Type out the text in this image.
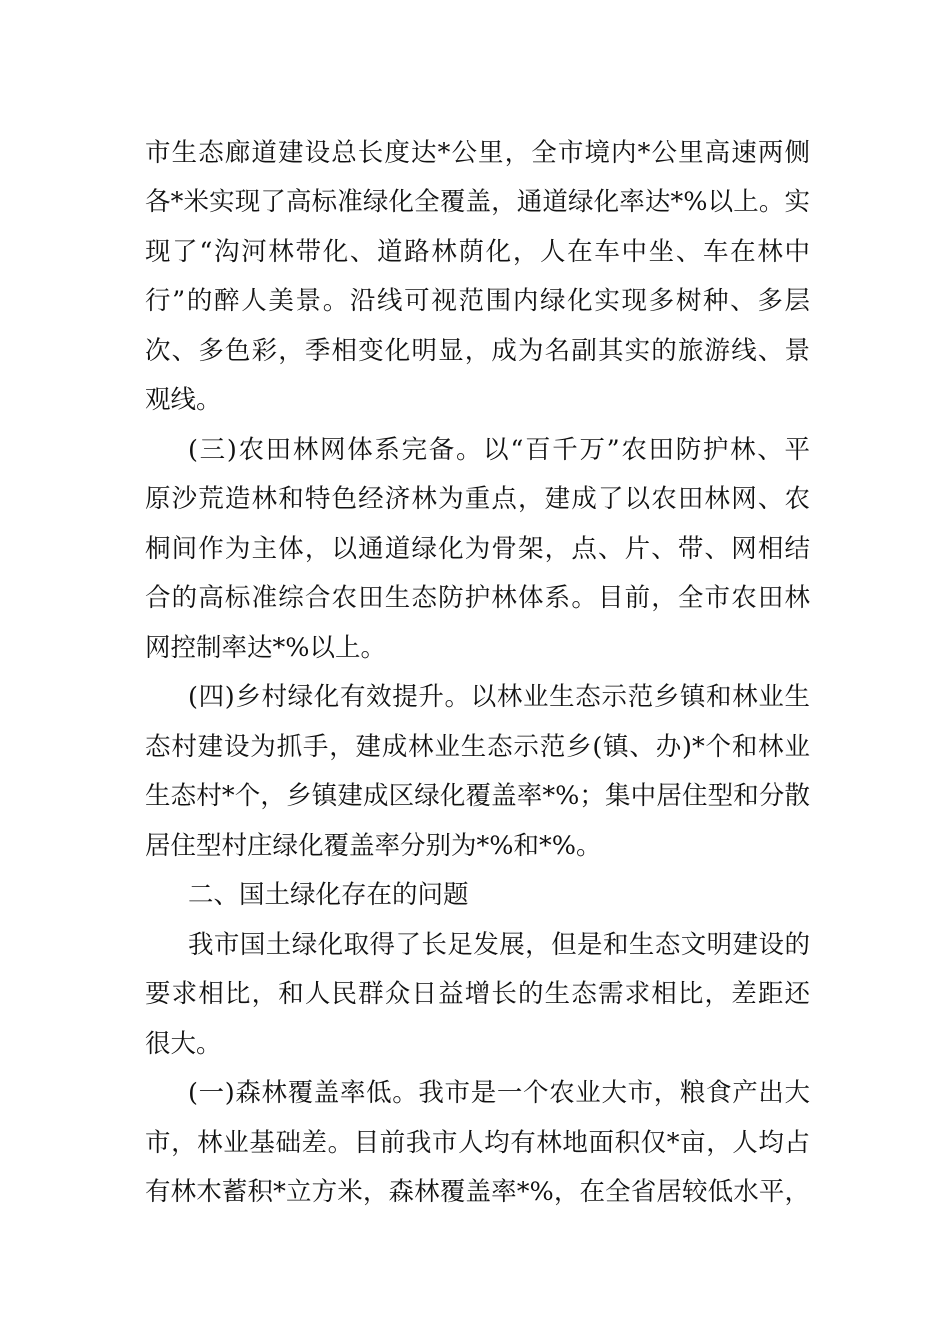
市生态廊道建设总长度达*公里，全市境内*公里高速两侧
各*米实现了高标准绿化全覆盖，通道绿化率达*%以上。实
现了“沟河林带化、道路林荫化，人在车中坐、车在林中
行”的醉人美景。沿线可视范围内绿化实现多树种、多层
次、多色彩，季相变化明显，成为名副其实的旅游线、景
观线。
(三)农田林网体系完备。以“百千万”农田防护林、平
原沙荒造林和特色经济林为重点，建成了以农田林网、农
桐间作为主体，以通道绿化为骨架，点、片、带、网相结
合的高标准综合农田生态防护林体系。目前，全市农田林
网控制率达*%以上。
(四)乡村绿化有效提升。以林业生态示范乡镇和林业生
态村建设为抓手，建成林业生态示范乡(镇、办)*个和林业
生态村*个，乡镇建成区绿化覆盖率*%；集中居住型和分散
居住型村庄绿化覆盖率分别为*%和*%。
二、国土绿化存在的问题
我市国土绿化取得了长足发展，但是和生态文明建设的
要求相比，和人民群众日益增长的生态需求相比，差距还
很大。
(一)森林覆盖率低。我市是一个农业大市，粮食产出大
市，林业基础差。目前我市人均有林地面积仅*亩，人均占
有林木蓄积*立方米，森林覆盖率*%，在全省居较低水平，
